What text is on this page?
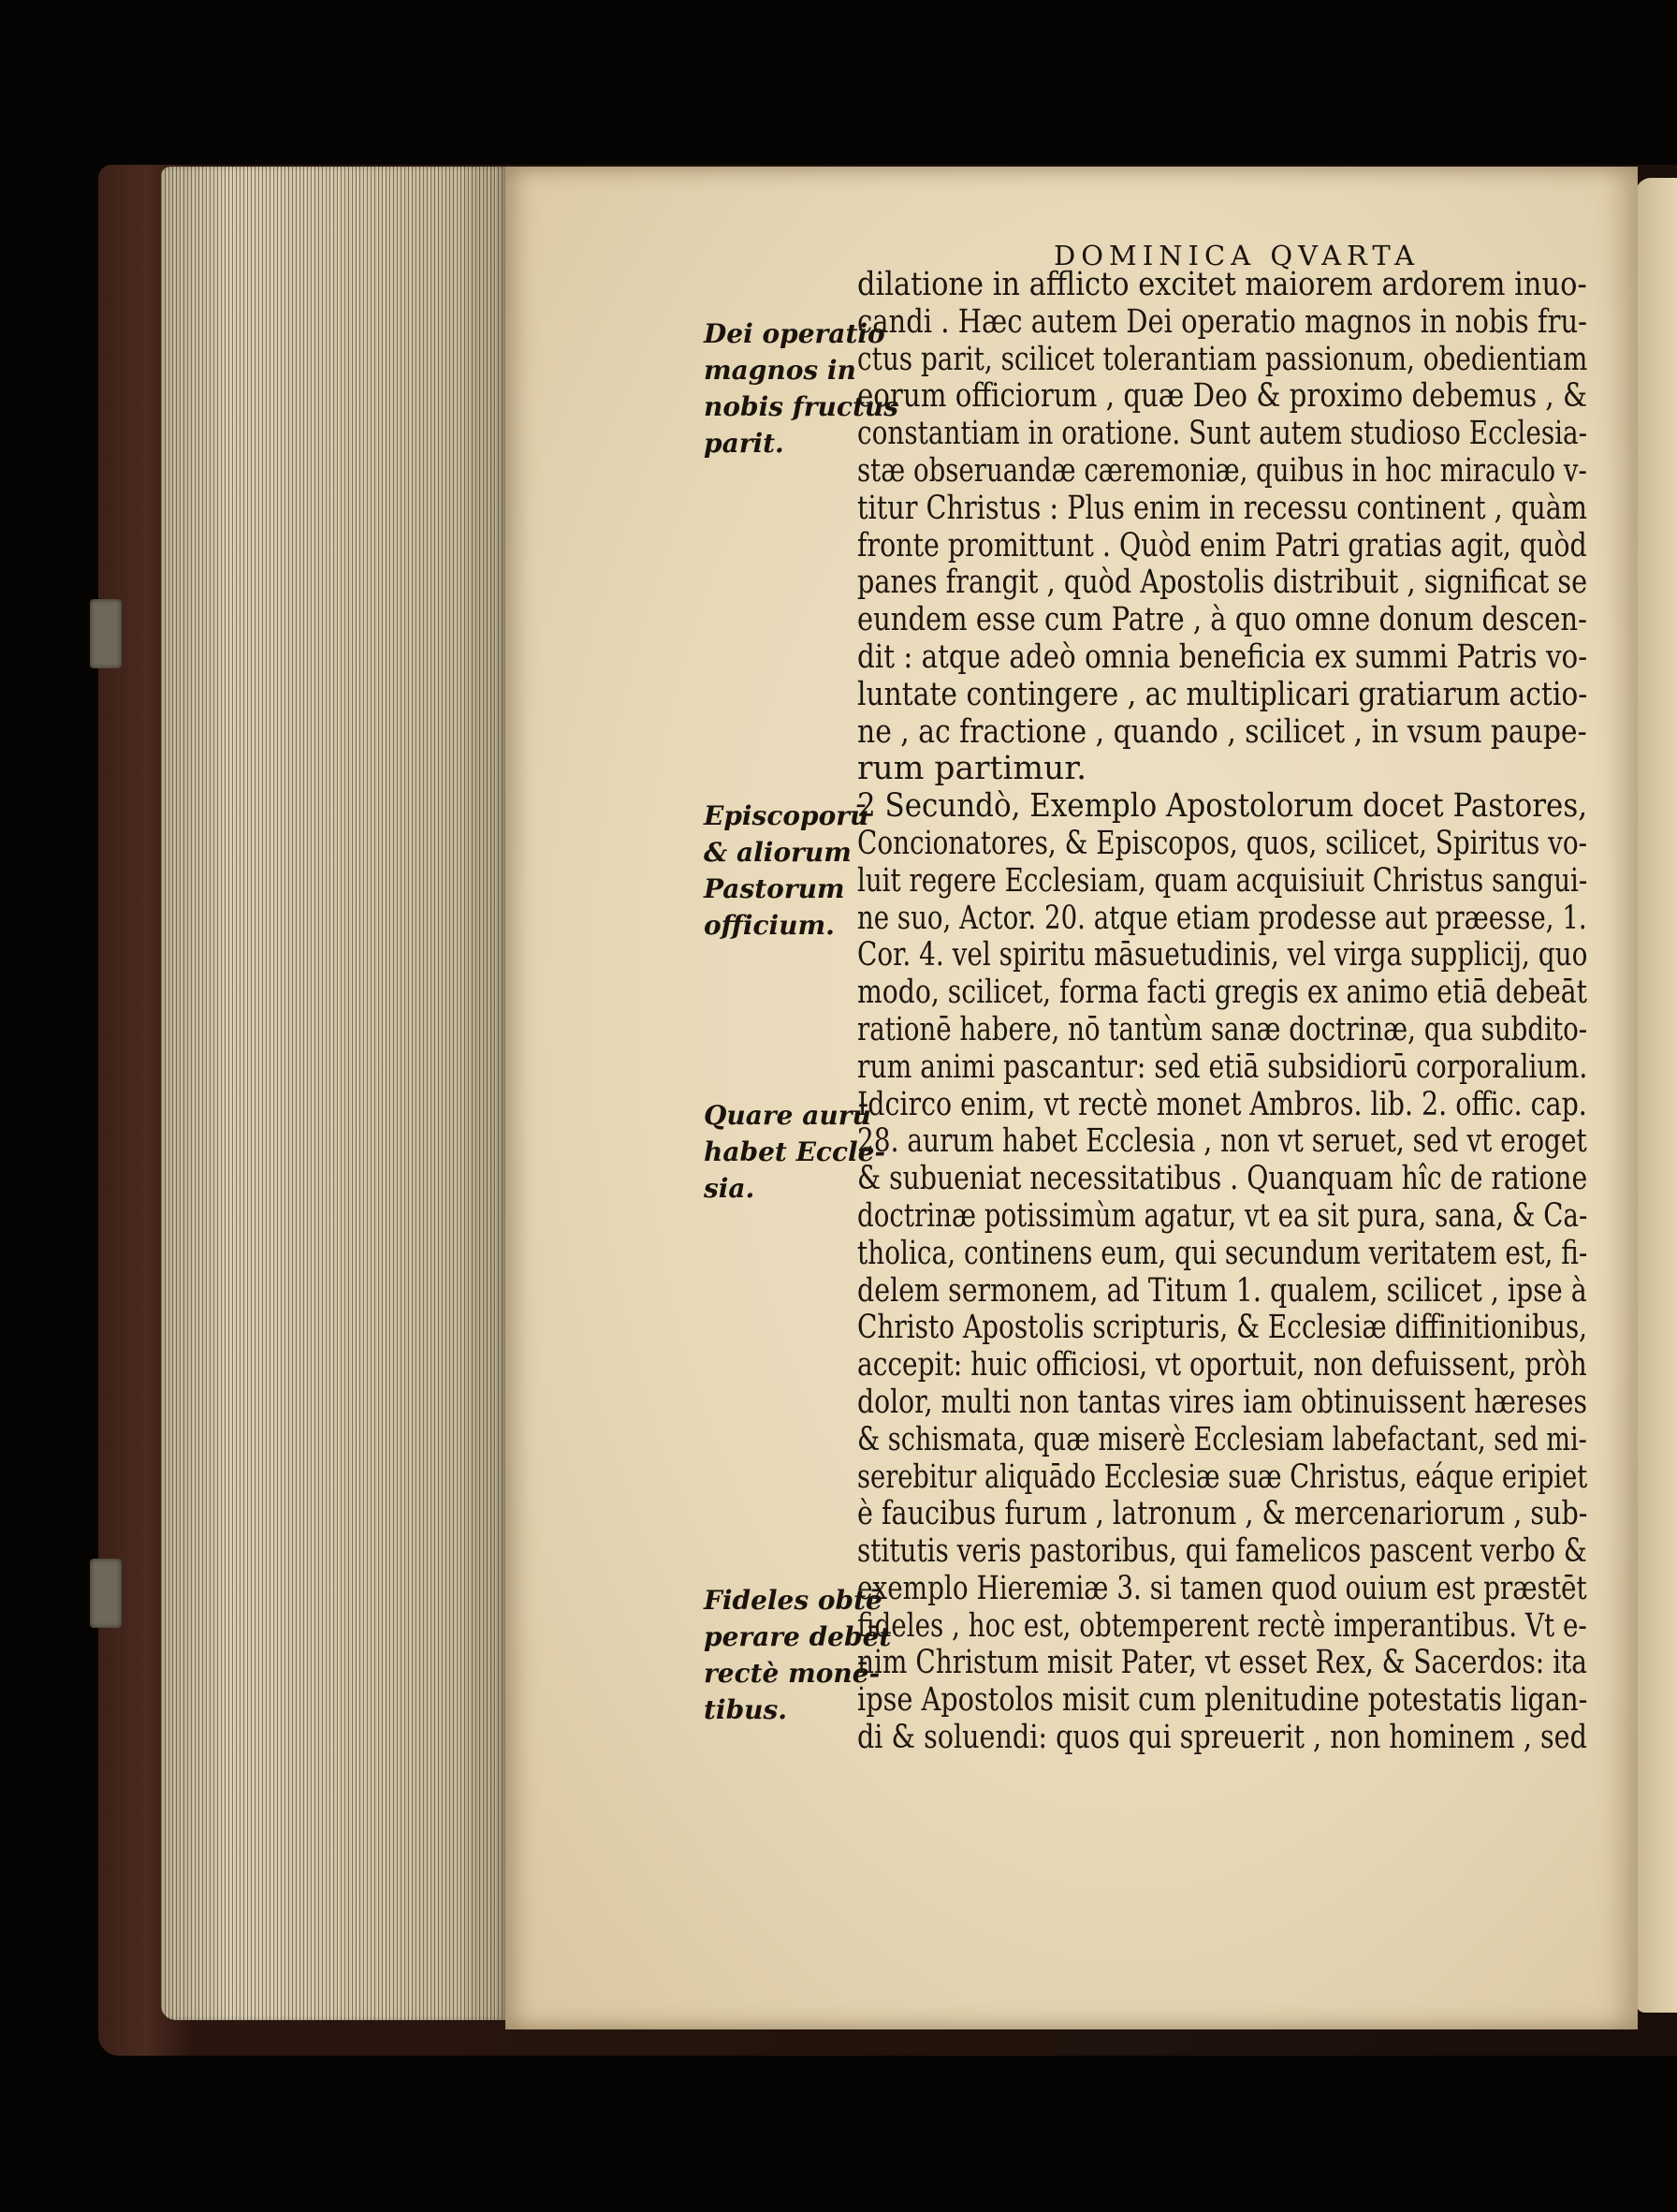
DOMINICA QVARTA
Dei operatio
magnos in
nobis fructus
parit.
Episcoporū
& aliorum
Pastorum
officium.
Quare aurū
habet Eccle-
sia.
Fideles obtē
perare debēt
rectè monē-
tibus.
dilatione in afflicto excitet maiorem ardorem inuo-
candi . Hæc autem Dei operatio magnos in nobis fru-
ctus parit, scilicet tolerantiam passionum, obedientiam
eorum officiorum , quæ Deo & proximo debemus , &
constantiam in oratione. Sunt autem studioso Ecclesia-
stæ obseruandæ cæremoniæ, quibus in hoc miraculo v-
titur Christus : Plus enim in recessu continent , quàm
fronte promittunt . Quòd enim Patri gratias agit, quòd
panes frangit , quòd Apostolis distribuit , significat se
eundem esse cum Patre , à quo omne donum descen-
dit : atque adeò omnia beneficia ex summi Patris vo-
luntate contingere , ac multiplicari gratiarum actio-
ne , ac fractione , quando , scilicet , in vsum paupe-
rum partimur.
2 Secundò, Exemplo Apostolorum docet Pastores,
Concionatores, & Episcopos, quos, scilicet, Spiritus vo-
luit regere Ecclesiam, quam acquisiuit Christus sangui-
ne suo, Actor. 20. atque etiam prodesse aut præesse, 1.
Cor. 4. vel spiritu māsuetudinis, vel virga supplicij, quo
modo, scilicet, forma facti gregis ex animo etiā debeāt
rationē habere, nō tantùm sanæ doctrinæ, qua subdito-
rum animi pascantur: sed etiā subsidiorū corporalium.
Idcirco enim, vt rectè monet Ambros. lib. 2. offic. cap.
28. aurum habet Ecclesia , non vt seruet, sed vt eroget
& subueniat necessitatibus . Quanquam hîc de ratione
doctrinæ potissimùm agatur, vt ea sit pura, sana, & Ca-
tholica, continens eum, qui secundum veritatem est, fi-
delem sermonem, ad Titum 1. qualem, scilicet , ipse à
Christo Apostolis scripturis, & Ecclesiæ diffinitionibus,
accepit: huic officiosi, vt oportuit, non defuissent, pròh
dolor, multi non tantas vires iam obtinuissent hæreses
& schismata, quæ miserè Ecclesiam labefactant, sed mi-
serebitur aliquādo Ecclesiæ suæ Christus, eáque eripiet
è faucibus furum , latronum , & mercenariorum , sub-
stitutis veris pastoribus, qui famelicos pascent verbo &
exemplo Hieremiæ 3. si tamen quod ouium est præstēt
fideles , hoc est, obtemperent rectè imperantibus. Vt e-
nim Christum misit Pater, vt esset Rex, & Sacerdos: ita
ipse Apostolos misit cum plenitudine potestatis ligan-
di & soluendi: quos qui spreuerit , non hominem , sed
